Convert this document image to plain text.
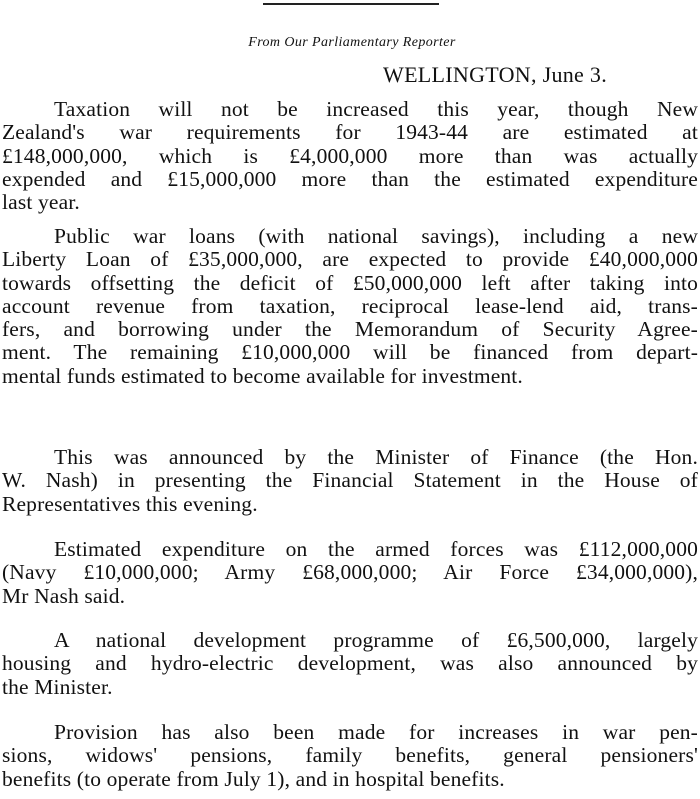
From Our Parliamentary Reporter
WELLINGTON, June 3.

Taxation will not be increased this year, though New
Zealand's war requirements for 1943-44 are estimated at
£148,000,000, which is £4,000,000 more than was actually
expended and £15,000,000 more than the estimated expenditure
last year.

Public war loans (with national savings), including a new
Liberty Loan of £35,000,000, are expected to provide £40,000,000
towards offsetting the deficit of £50,000,000 left after taking into
account revenue from taxation, reciprocal lease-lend aid, trans-
fers, and borrowing under the Memorandum of Security Agree-
ment. The remaining £10,000,000 will be financed from depart-
mental funds estimated to become available for investment.

This was announced by the Minister of Finance (the Hon.
W. Nash) in presenting the Financial Statement in the House of
Representatives this evening.

Estimated expenditure on the armed forces was £112,000,000
(Navy £10,000,000; Army £68,000,000; Air Force £34,000,000),
Mr Nash said.

A national development programme of £6,500,000, largely
housing and hydro-electric development, was also announced by
the Minister.

Provision has also been made for increases in war pen-
sions, widows' pensions, family benefits, general pensioners'
benefits (to operate from July 1), and in hospital benefits.
